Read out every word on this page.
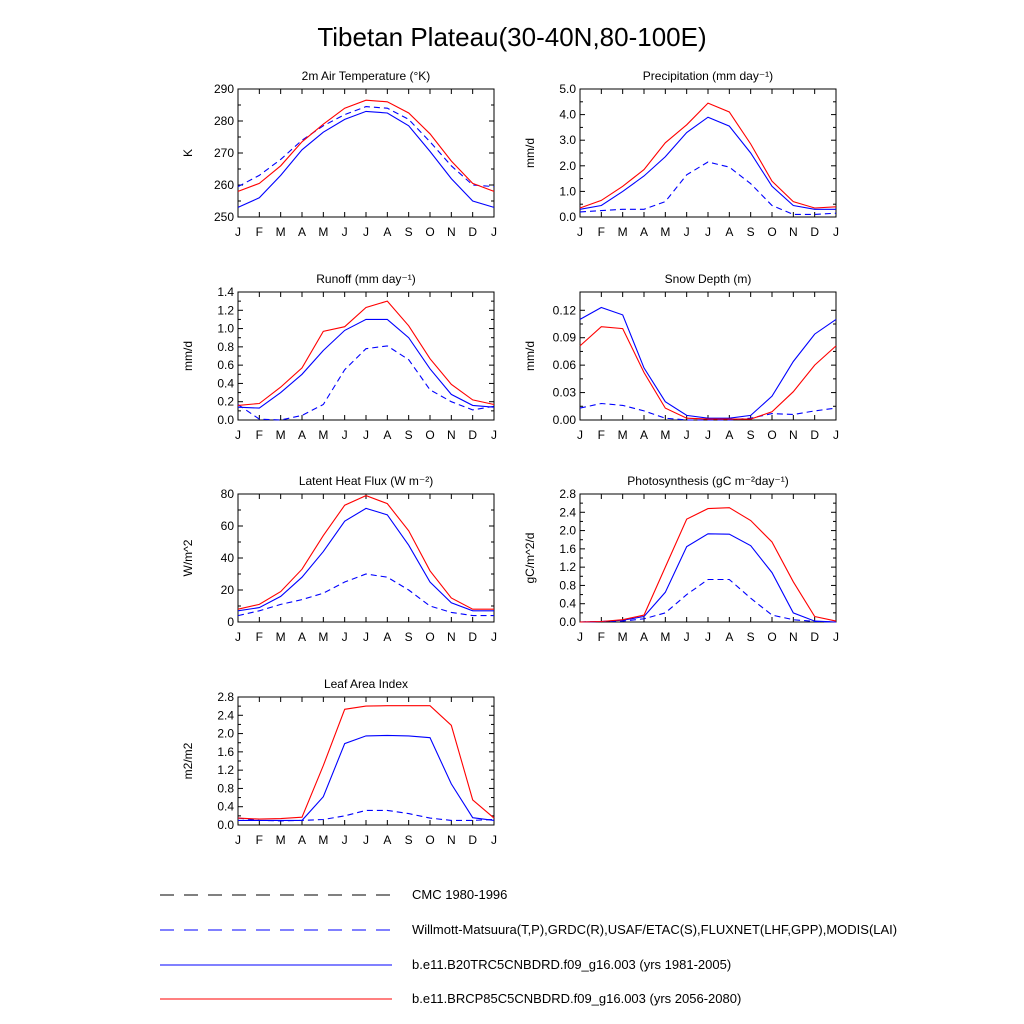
Tibetan Plateau(30-40N,80-100E)
2m Air Temperature (°K)
J F M A M J J A S O N D J
250
260
270
280
290
K
Precipitation (mm day⁻¹)
J F M A M J J A S O N D J
0.0
1.0
2.0
3.0
4.0
5.0
mm/d
Runoff (mm day⁻¹)
J F M A M J J A S O N D J
0.0
0.2
0.4
0.6
0.8
1.0
1.2
1.4
mm/d
Snow Depth (m)
J F M A M J J A S O N D J
0.00
0.03
0.06
0.09
0.12
mm/d
Latent Heat Flux (W m⁻²)
J F M A M J J A S O N D J
0
20
40
60
80
W/m^2
Photosynthesis (gC m⁻²day⁻¹)
J F M A M J J A S O N D J
0.0
0.4
0.8
1.2
1.6
2.0
2.4
2.8
gC/m^2/d
Leaf Area Index
J F M A M J J A S O N D J
0.0
0.4
0.8
1.2
1.6
2.0
2.4
2.8
m2/m2
CMC 1980-1996
Willmott-Matsuura(T,P),GRDC(R),USAF/ETAC(S),FLUXNET(LHF,GPP),MODIS(LAI)
b.e11.B20TRC5CNBDRD.f09_g16.003 (yrs 1981-2005)
b.e11.BRCP85C5CNBDRD.f09_g16.003 (yrs 2056-2080)
